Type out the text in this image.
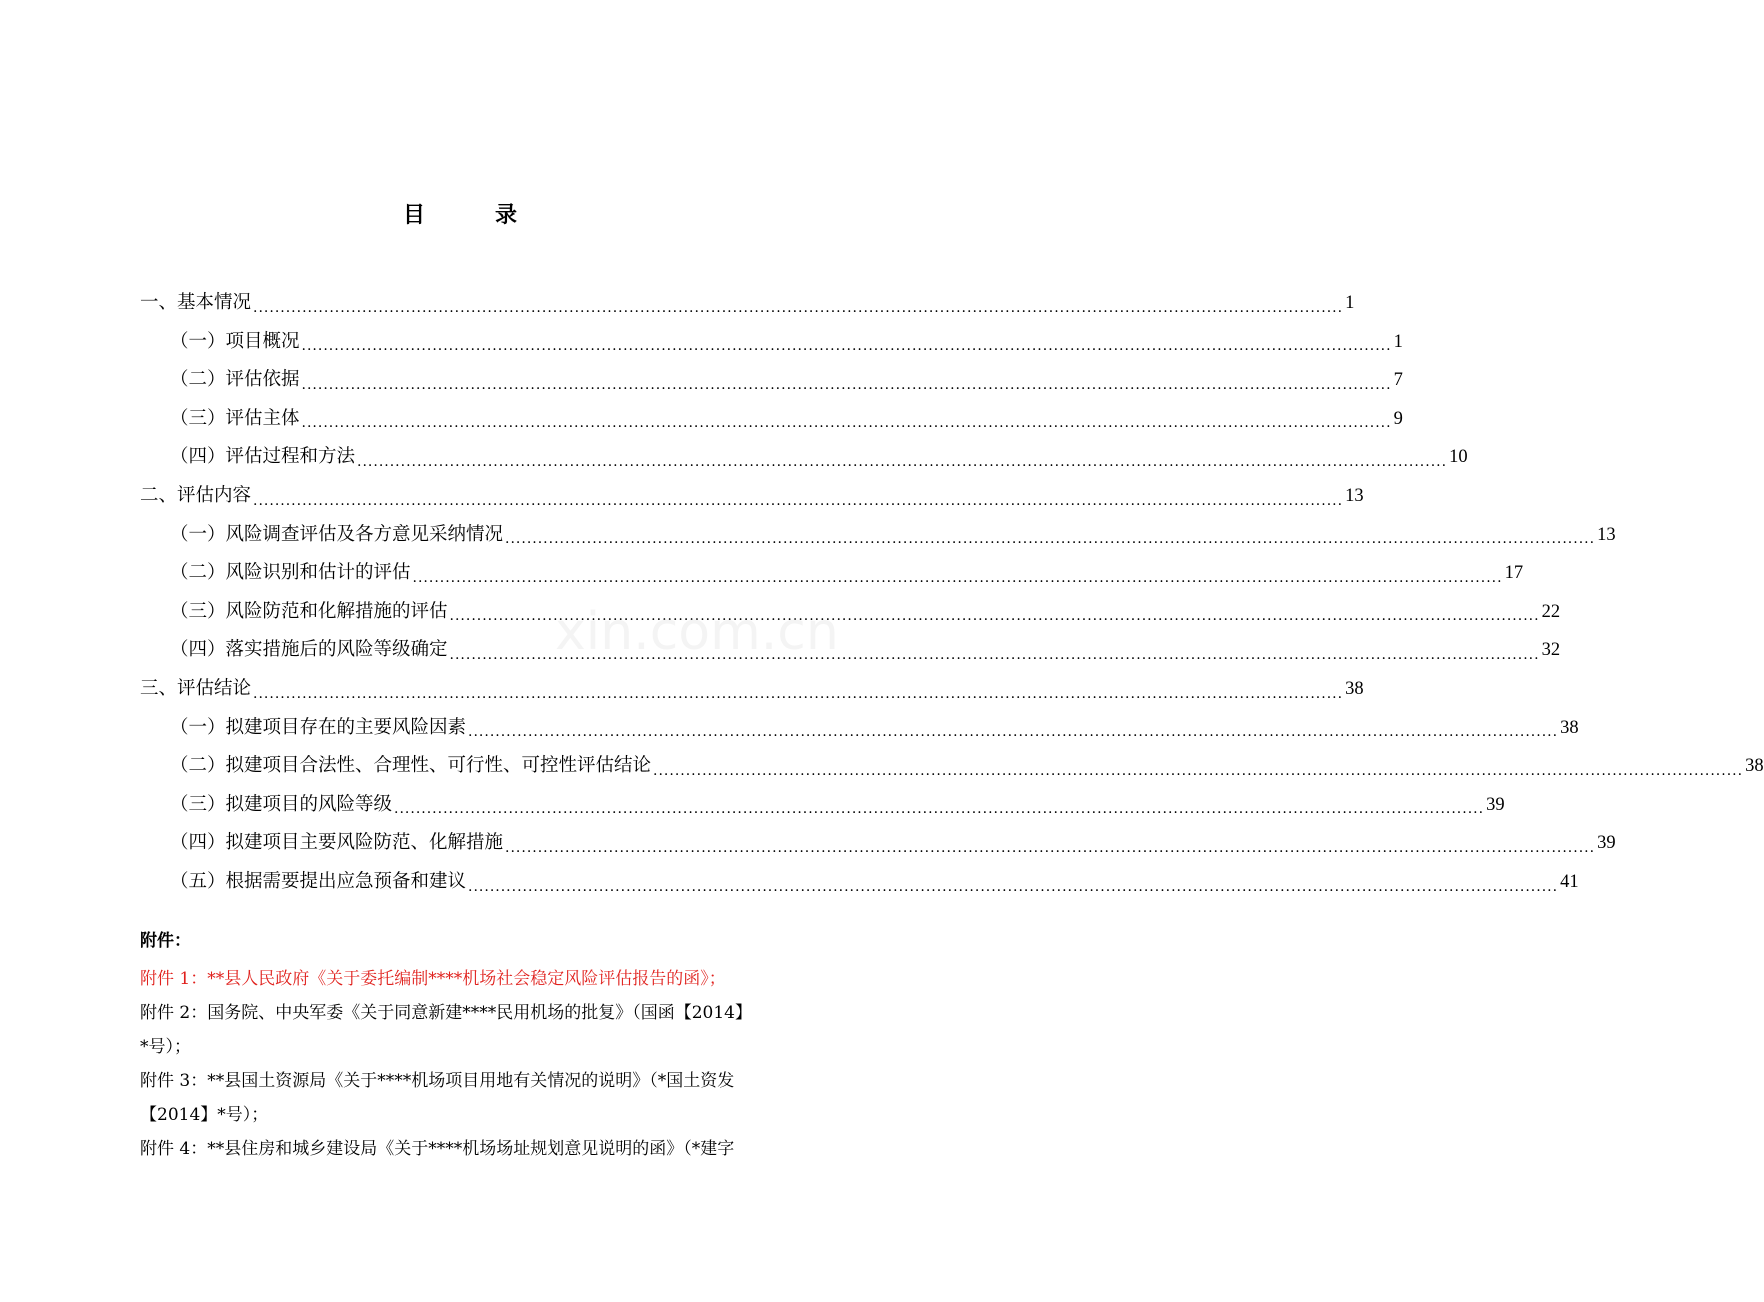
目录
一、基本情况 ........................................................................................................................................................................................................ 1
（一）项目概况 ........................................................................................................................................................................................................ 1
（二）评估依据 ........................................................................................................................................................................................................ 7
（三）评估主体 ........................................................................................................................................................................................................ 9
（四）评估过程和方法 ........................................................................................................................................................................................................ 10
二、评估内容 ........................................................................................................................................................................................................ 13
（一）风险调查评估及各方意见采纳情况 ........................................................................................................................................................................................................ 13
（二）风险识别和估计的评估 ........................................................................................................................................................................................................ 17
（三）风险防范和化解措施的评估 ........................................................................................................................................................................................................ 22
（四）落实措施后的风险等级确定 ........................................................................................................................................................................................................ 32
三、评估结论 ........................................................................................................................................................................................................ 38
（一）拟建项目存在的主要风险因素 ........................................................................................................................................................................................................ 38
（二）拟建项目合法性、合理性、可行性、可控性评估结论 ........................................................................................................................................................................................................ 38
（三）拟建项目的风险等级 ........................................................................................................................................................................................................ 39
（四）拟建项目主要风险防范、化解措施 ........................................................................................................................................................................................................ 39
（五）根据需要提出应急预备和建议 ........................................................................................................................................................................................................ 41
xin.com.cn
附件：
附件 1：**县人民政府《关于委托编制****机场社会稳定风险评估报告的函》；
附件 2：国务院、中央军委《关于同意新建****民用机场的批复》（国函【2014】
*号）；
附件 3：**县国土资源局《关于****机场项目用地有关情况的说明》（*国土资发
【2014】*号）；
附件 4：**县住房和城乡建设局《关于****机场场址规划意见说明的函》（*建字
